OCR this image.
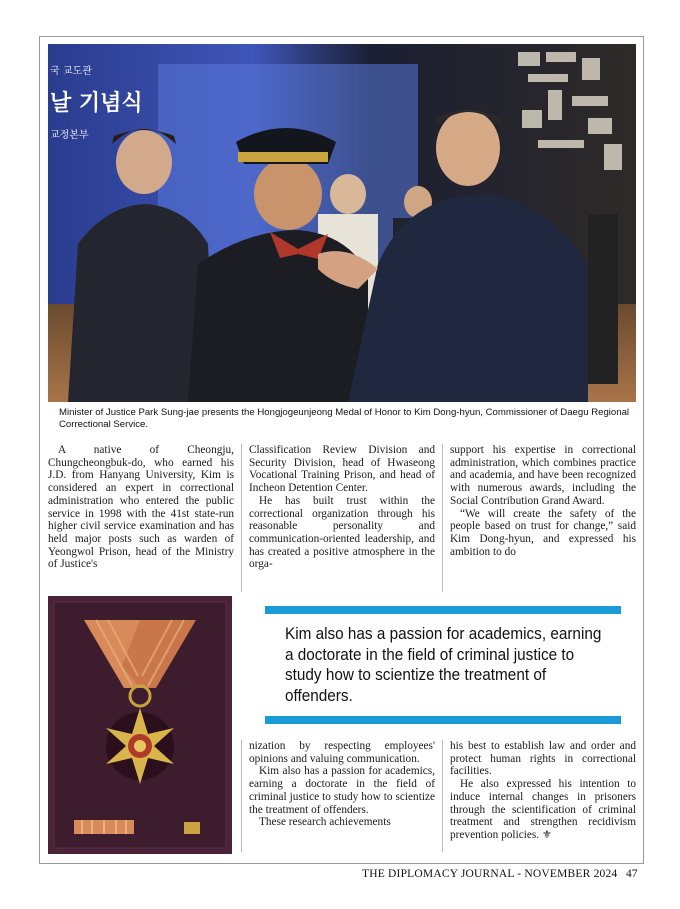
국 교도관
날 기념식
교정본부
Minister of Justice Park Sung-jae presents the Hongjogeunjeong Medal of Honor to Kim Dong-hyun, Commissioner of Daegu Regional Correctional Service.

A native of Cheongju, Chungcheongbuk-do, who earned his J.D. from Hanyang University, Kim is considered an expert in correctional administration who entered the public service in 1998 with the 41st state-run higher civil service examination and has held major posts such as warden of Yeongwol Prison, head of the Ministry of Justice's

Classification Review Division and Security Division, head of Hwaseong Vocational Training Prison, and head of Incheon Detention Center.

He has built trust within the correctional organization through his reasonable personality and communication-oriented leadership, and has created a positive atmosphere in the orga-

support his expertise in correctional administration, which combines practice and academia, and have been recognized with numerous awards, including the Social Contribution Grand Award.

“We will create the safety of the people based on trust for change,” said Kim Dong-hyun, and expressed his ambition to do

Kim also has a passion for academics, earning a doctorate in the field of criminal justice to study how to scientize the treatment of offenders.

nization by respecting employees' opinions and valuing communication.

Kim also has a passion for academics, earning a doctorate in the field of criminal justice to study how to scientize the treatment of offenders.

These research achievements

his best to establish law and order and protect human rights in correctional facilities.

He also expressed his intention to induce internal changes in prisoners through the scientification of criminal treatment and strengthen recidivism prevention policies. ⚜

THE DIPLOMACY JOURNAL - NOVEMBER 2024 47
